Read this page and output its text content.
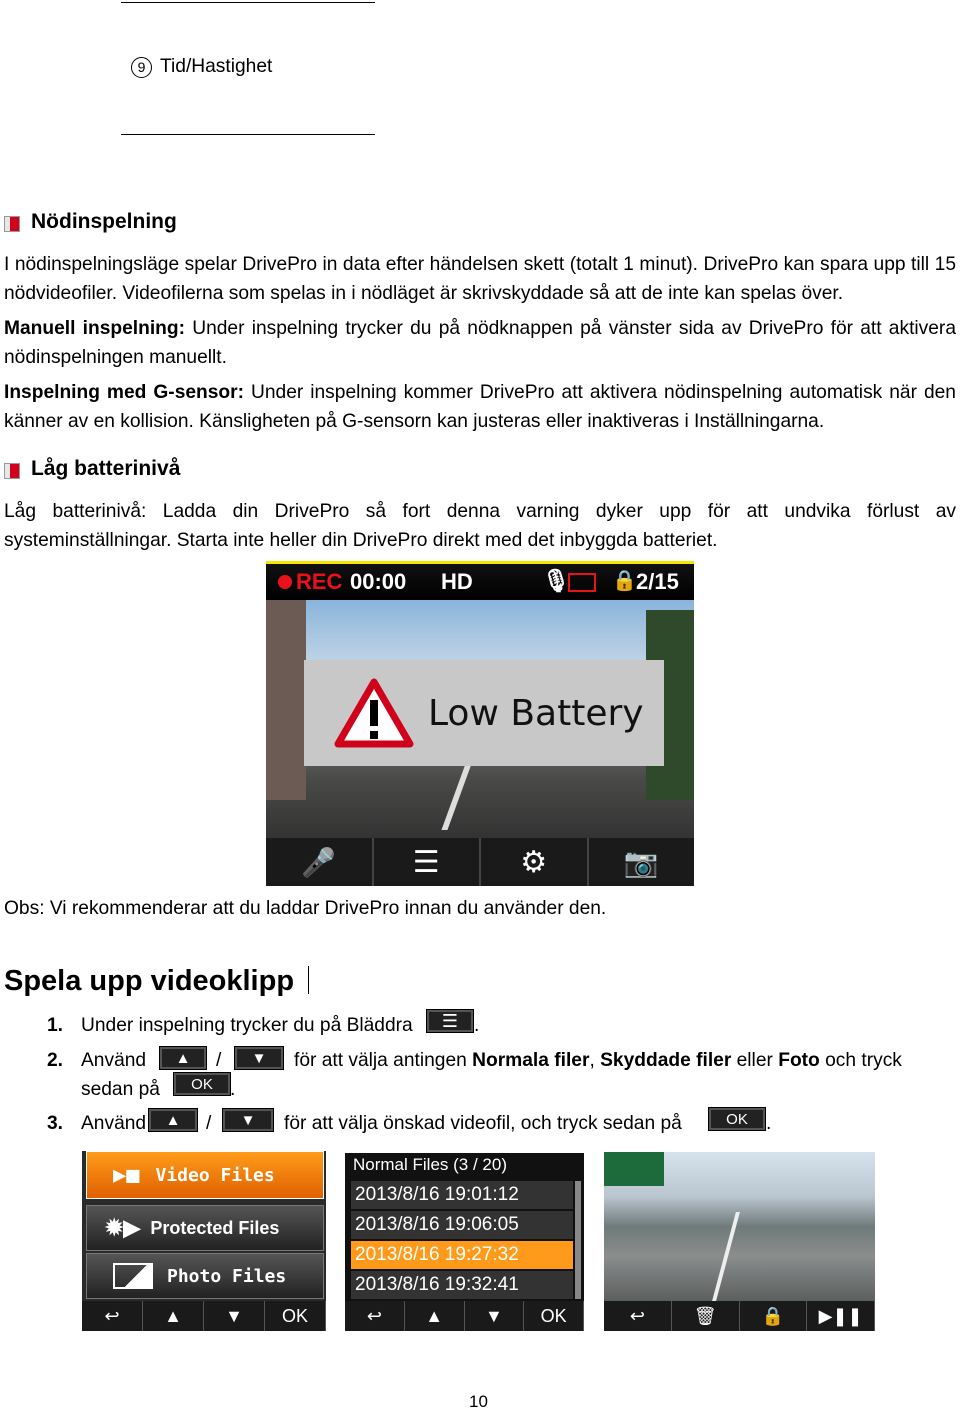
9 Tid/Hastighet
Nödinspelning
I nödinspelningsläge spelar DrivePro in data efter händelsen skett (totalt 1 minut). DrivePro kan spara upp till 15 nödvideofiler. Videofilerna som spelas in i nödläget är skrivskyddade så att de inte kan spelas över.
Manuell inspelning: Under inspelning trycker du på nödknappen på vänster sida av DrivePro för att aktivera nödinspelningen manuellt.
Inspelning med G-sensor: Under inspelning kommer DrivePro att aktivera nödinspelning automatisk när den känner av en kollision. Känsligheten på G-sensorn kan justeras eller inaktiveras i Inställningarna.
Låg batterinivå
Låg batterinivå: Ladda din DrivePro så fort denna varning dyker upp för att undvika förlust av systeminställningar. Starta inte heller din DrivePro direkt med det inbyggda batteriet.
REC 00:00 HD	🎙 🔒 2/15
Low Battery
🎤	☰	⚙	📷
Obs: Vi rekommenderar att du laddar DrivePro innan du använder den.
Spela upp videoklipp
1. Under inspelning trycker du på Bläddra	☰ .
2. Använd	▲	/	▼	för att välja antingen Normala filer, Skyddade filer eller Foto och tryck
sedan på	OK .
3. Använd	▲	/	▼	för att välja önskad videofil, och tryck sedan på	OK .
▶■ Video Files
✹▶ Protected Files
Photo Files
↩	▲	▼	OK
Normal Files (3 / 20)
2013/8/16 19:01:12
2013/8/16 19:06:05
2013/8/16 19:27:32
2013/8/16 19:32:41
↩	▲	▼	OK	↩	🗑	🔒	▶❚❚
10
